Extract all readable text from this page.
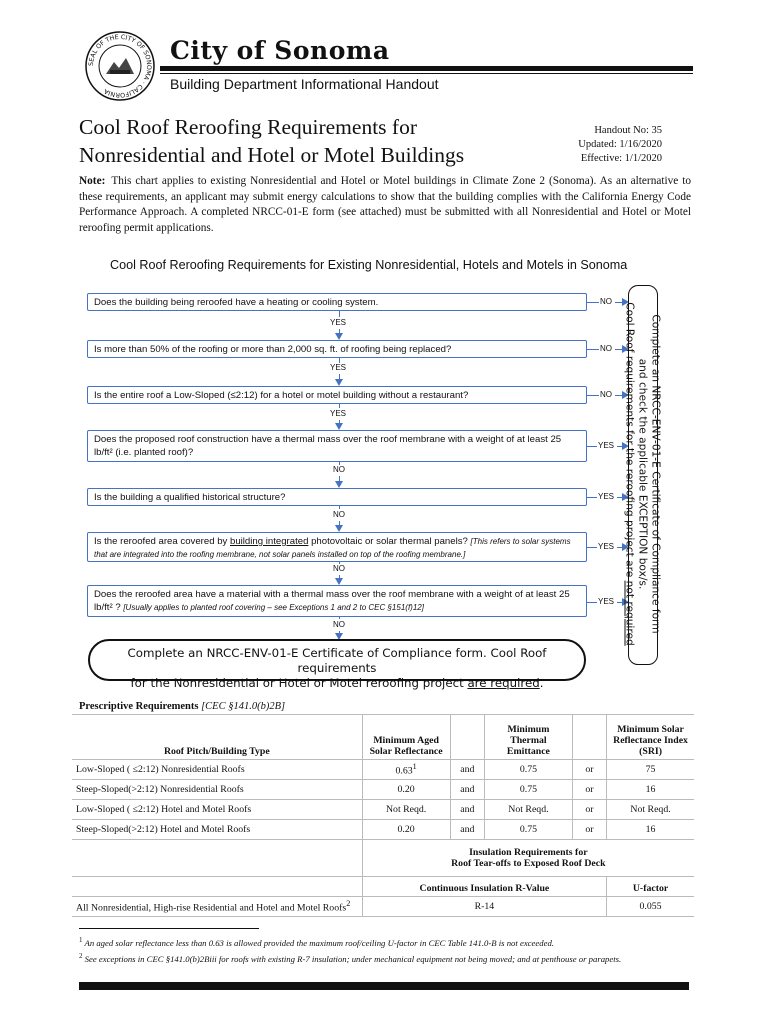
SEAL OF THE CITY OF SONOMA · CALIFORNIA
City of Sonoma
Building Department Informational Handout
Cool Roof Reroofing Requirements for
Nonresidential and Hotel or Motel Buildings
Handout No: 35
Updated: 1/16/2020
Effective: 1/1/2020
Note: This chart applies to existing Nonresidential and Hotel or Motel buildings in Climate Zone 2 (Sonoma). As an alternative to these requirements, an applicant may submit energy calculations to show that the building complies with the California Energy Code Performance Approach. A completed NRCC-01-E form (see attached) must be submitted with all Nonresidential and Hotel or Motel reroofing permit applications.
Cool Roof Reroofing Requirements for Existing Nonresidential, Hotels and Motels in Sonoma
Does the building being reroofed have a heating or cooling system.
Is more than 50% of the roofing or more than 2,000 sq. ft. of roofing being replaced?
Is the entire roof a Low-Sloped (≤2:12) for a hotel or motel building without a restaurant?
Does the proposed roof construction have a thermal mass over the roof membrane with a weight of at least 25 lb/ft² (i.e. planted roof)?
Is the building a qualified historical structure?
Is the reroofed area covered by building integrated photovoltaic or solar thermal panels? [This refers to solar systems that are integrated into the roofing membrane, not solar panels installed on top of the roofing membrane.]
Does the reroofed area have a material with a thermal mass over the roof membrane with a weight of at least 25 lb/ft² ? [Usually applies to planted roof covering – see Exceptions 1 and 2 to CEC §151(f)12]
NO
NO
NO
YES
YES
YES
YES
YES
YES
YES
NO
NO
NO
NO	Complete an NRCC-ENV-01-E Certificate of Compliance form
and check the applicable EXCEPTION box/s.
Cool Roof requirements for the reroofing project are not required
Complete an NRCC-ENV-01-E Certificate of Compliance form. Cool Roof requirements
for the Nonresidential or Hotel or Motel reroofing project are required.
Prescriptive Requirements [CEC §141.0(b)2B]
Roof Pitch/Building Type	Minimum Aged Solar Reflectance		Minimum Thermal Emittance		Minimum Solar Reflectance Index (SRI)
Low-Sloped ( ≤2:12) Nonresidential Roofs	0.63$^1$	and	0.75	or	75
Steep-Sloped(>2:12) Nonresidential Roofs	0.20	and	0.75	or	16
Low-Sloped ( ≤2:12) Hotel and Motel Roofs	Not Reqd.	and	Not Reqd.	or	Not Reqd.
Steep-Sloped(>2:12) Hotel and Motel Roofs	0.20	and	0.75	or	16

	Insulation Requirements for
Roof Tear-offs to Exposed Roof Deck				

	Continuous Insulation R-Value				U-factor
All Nonresidential, High-rise Residential and Hotel and Motel Roofs$^2$	R-14				0.055
$^1$ An aged solar reflectance less than 0.63 is allowed provided the maximum roof/ceiling U-factor in CEC Table 141.0-B is not exceeded.
$^2$ See exceptions in CEC §141.0(b)2Biii for roofs with existing R-7 insulation; under mechanical equipment not being moved; and at penthouse or parapets.
